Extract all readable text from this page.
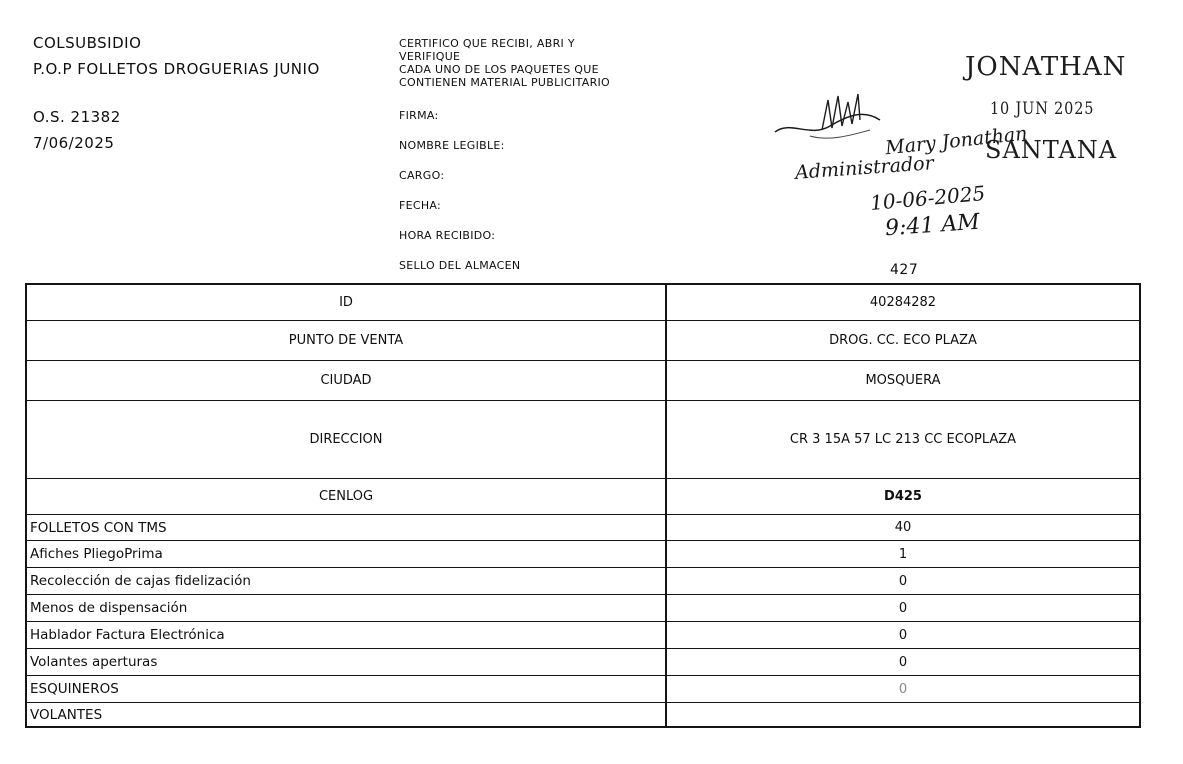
COLSUBSIDIO
P.O.P FOLLETOS DROGUERIAS JUNIO
O.S. 21382
7/06/2025
CERTIFICO QUE RECIBI, ABRI Y
VERIFIQUE
CADA UNO DE LOS PAQUETES QUE
CONTIENEN MATERIAL PUBLICITARIO
FIRMA:
NOMBRE LEGIBLE:
CARGO:
FECHA:
HORA RECIBIDO:
SELLO DEL ALMACEN
JONATHAN
10 JUN 2025
SANTANA
Mary Jonathan
Administrador
10-06-2025
9:41 AM
427
ID	40284282
PUNTO DE VENTA	DROG. CC. ECO PLAZA
CIUDAD	MOSQUERA
DIRECCION	CR 3 15A 57 LC 213 CC ECOPLAZA
CENLOG	D425
FOLLETOS CON TMS	40
Afiches PliegoPrima	1
Recolección de cajas fidelización	0
Menos de dispensación	0
Hablador Factura Electrónica	0
Volantes aperturas	0
ESQUINEROS	0
VOLANTES
